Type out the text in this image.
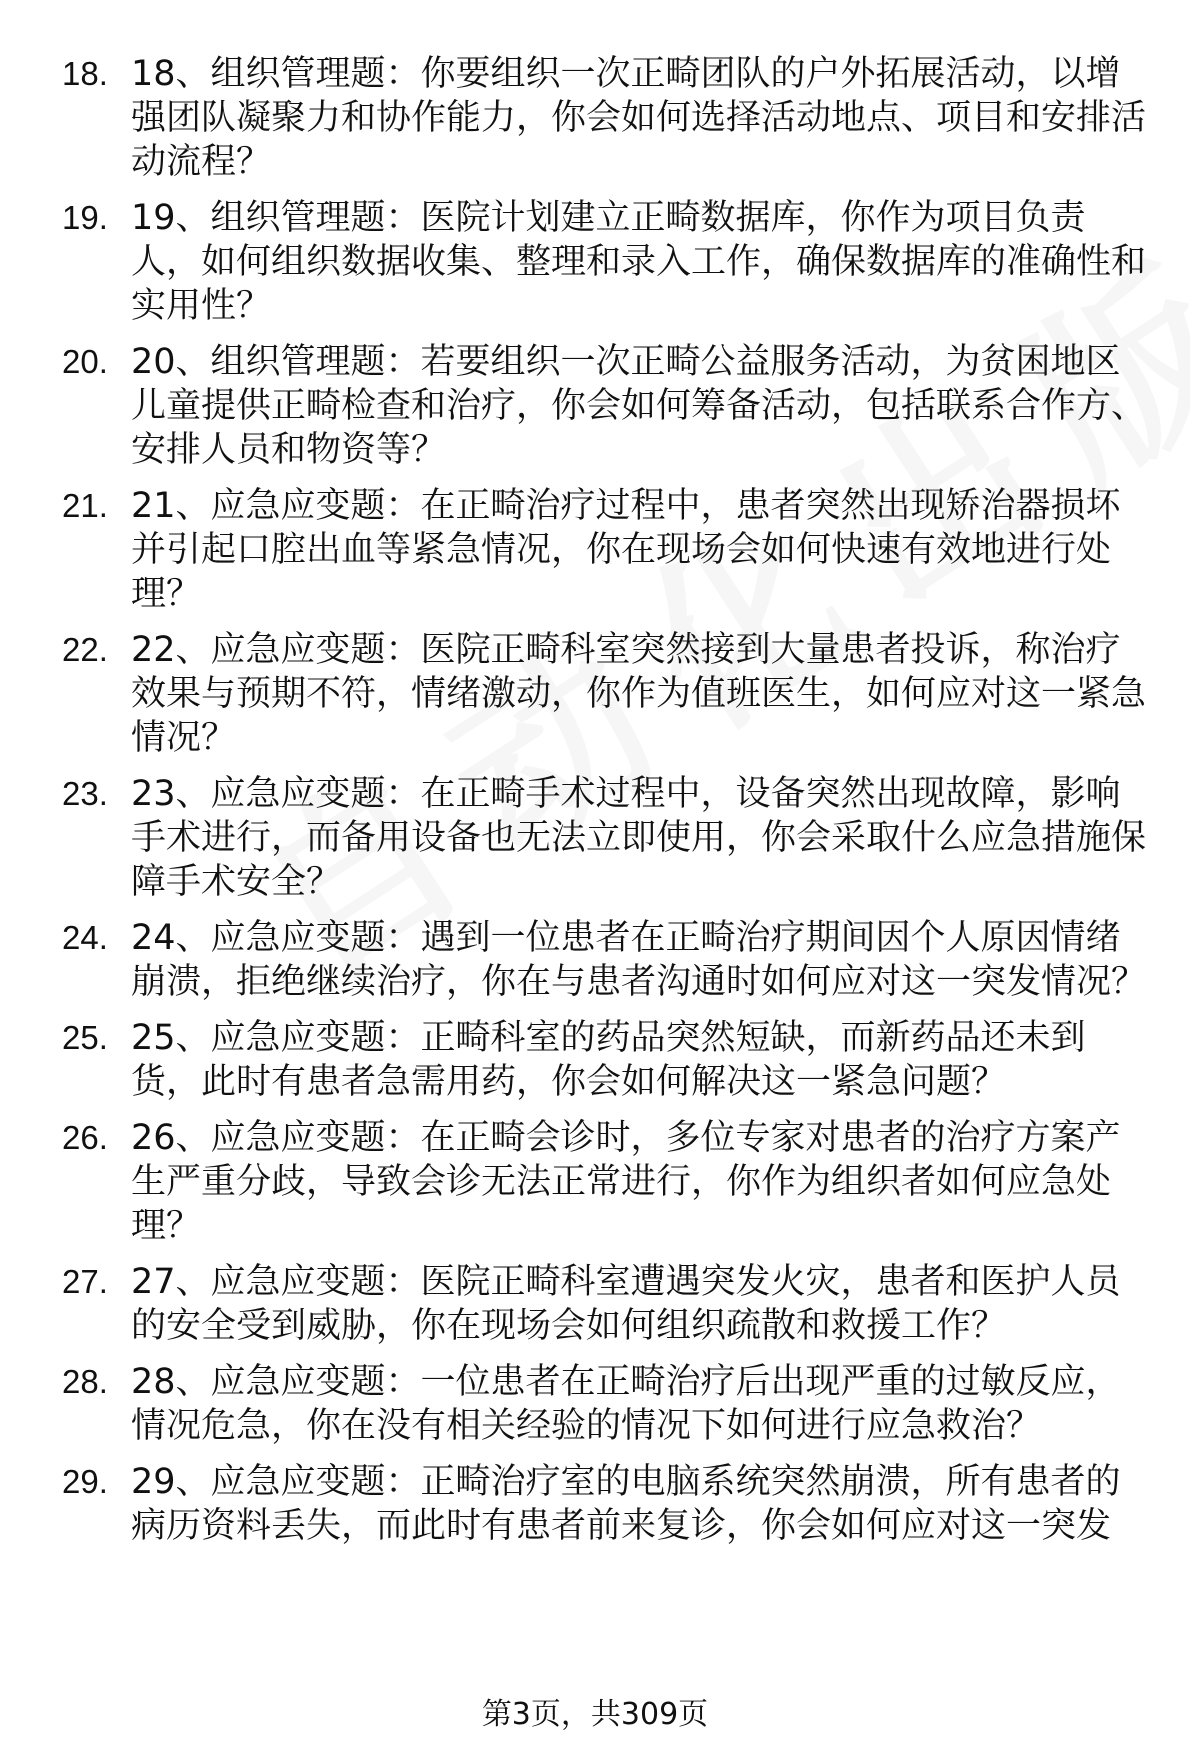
18. 18、组织管理题：你要组织一次正畸团队的户外拓展活动，以增强团队凝聚力和协作能力，你会如何选择活动地点、项目和安排活动流程？
19. 19、组织管理题：医院计划建立正畸数据库，你作为项目负责人，如何组织数据收集、整理和录入工作，确保数据库的准确性和实用性？
20. 20、组织管理题：若要组织一次正畸公益服务活动，为贫困地区儿童提供正畸检查和治疗，你会如何筹备活动，包括联系合作方、安排人员和物资等？
21. 21、应急应变题：在正畸治疗过程中，患者突然出现矫治器损坏并引起口腔出血等紧急情况，你在现场会如何快速有效地进行处理？
22. 22、应急应变题：医院正畸科室突然接到大量患者投诉，称治疗效果与预期不符，情绪激动，你作为值班医生，如何应对这一紧急情况？
23. 23、应急应变题：在正畸手术过程中，设备突然出现故障，影响手术进行，而备用设备也无法立即使用，你会采取什么应急措施保障手术安全？
24. 24、应急应变题：遇到一位患者在正畸治疗期间因个人原因情绪崩溃，拒绝继续治疗，你在与患者沟通时如何应对这一突发情况？
25. 25、应急应变题：正畸科室的药品突然短缺，而新药品还未到货，此时有患者急需用药，你会如何解决这一紧急问题？
26. 26、应急应变题：在正畸会诊时，多位专家对患者的治疗方案产生严重分歧，导致会诊无法正常进行，你作为组织者如何应急处理？
27. 27、应急应变题：医院正畸科室遭遇突发火灾，患者和医护人员的安全受到威胁，你在现场会如何组织疏散和救援工作？
28. 28、应急应变题：一位患者在正畸治疗后出现严重的过敏反应，情况危急，你在没有相关经验的情况下如何进行应急救治？
29. 29、应急应变题：正畸治疗室的电脑系统突然崩溃，所有患者的病历资料丢失，而此时有患者前来复诊，你会如何应对这一突发
第3页，共309页
